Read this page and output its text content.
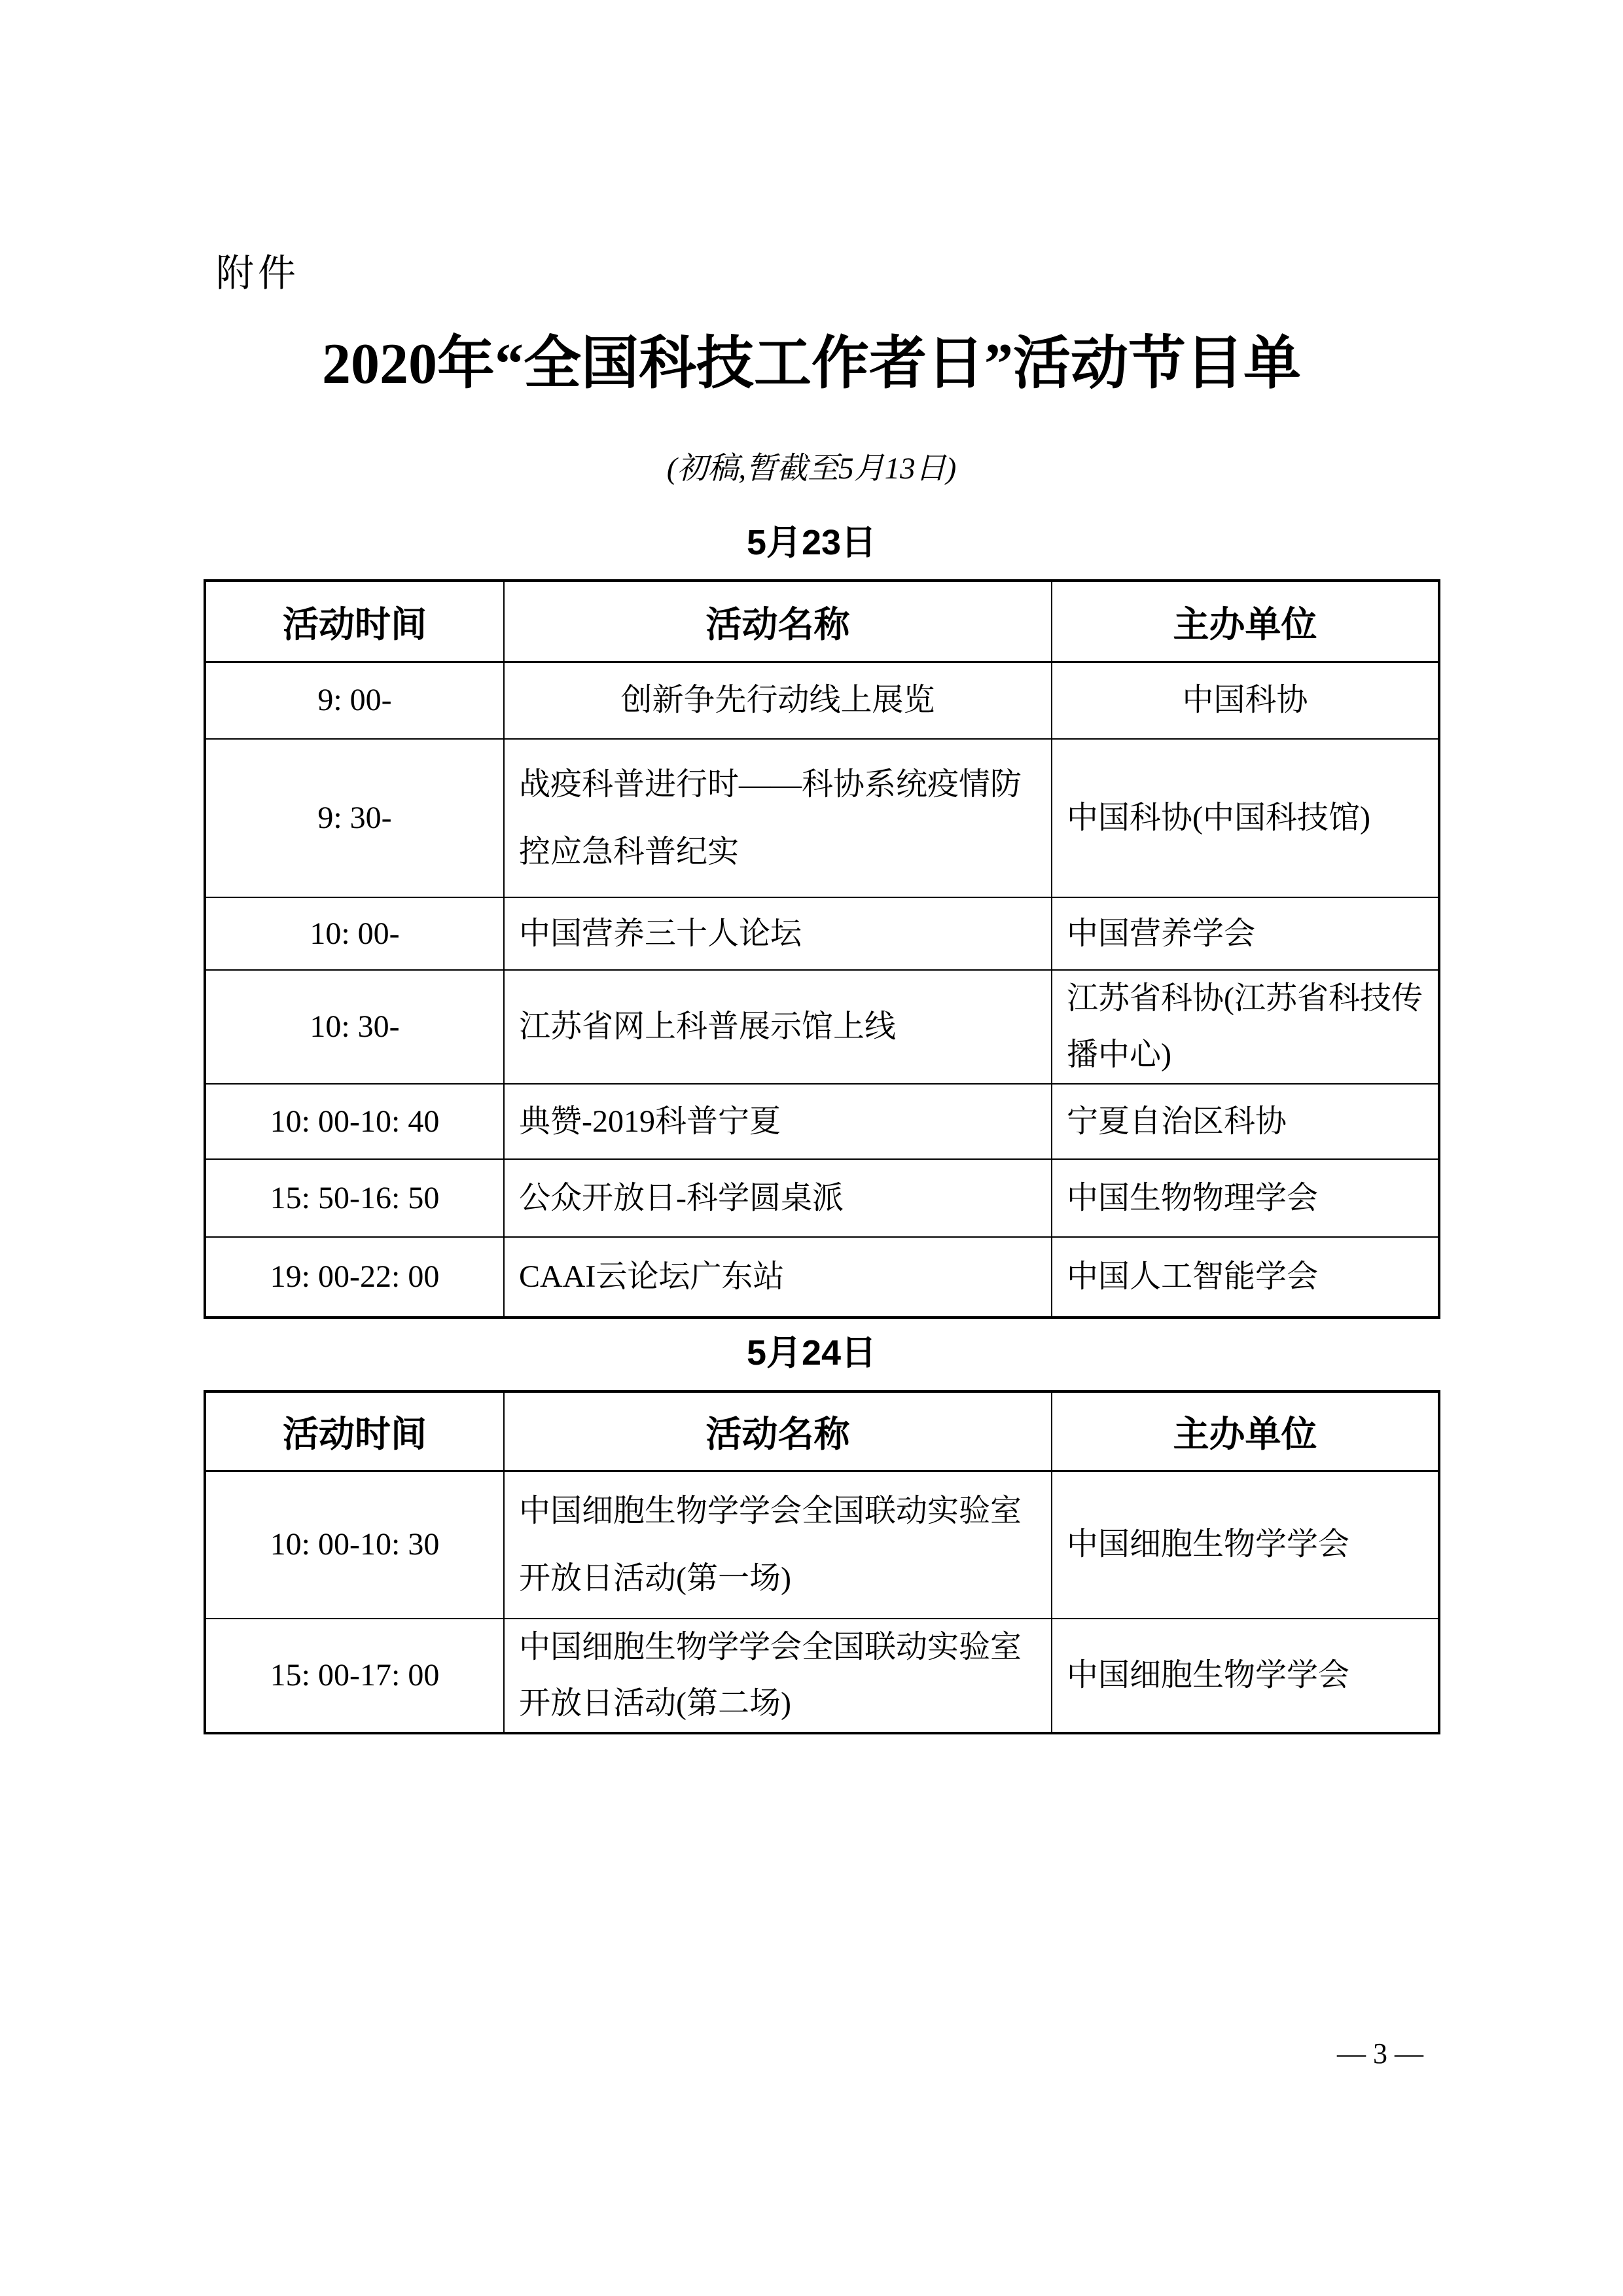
附件
2020年“全国科技工作者日”活动节目单
(初稿,暂截至5月13日)
5月23日
活动时间	活动名称	主办单位
9: 00-	创新争先行动线上展览	中国科协
9: 30-	战疫科普进行时——科协系统疫情防控应急科普纪实	中国科协(中国科技馆)
10: 00-	中国营养三十人论坛	中国营养学会
10: 30-	江苏省网上科普展示馆上线	江苏省科协(江苏省科技传播中心)
10: 00-10: 40	典赞-2019科普宁夏	宁夏自治区科协
15: 50-16: 50	公众开放日-科学圆桌派	中国生物物理学会
19: 00-22: 00	CAAI云论坛广东站	中国人工智能学会
5月24日
活动时间	活动名称	主办单位
10: 00-10: 30	中国细胞生物学学会全国联动实验室开放日活动(第一场)	中国细胞生物学学会
15: 00-17: 00	中国细胞生物学学会全国联动实验室开放日活动(第二场)	中国细胞生物学学会
— 3 —
